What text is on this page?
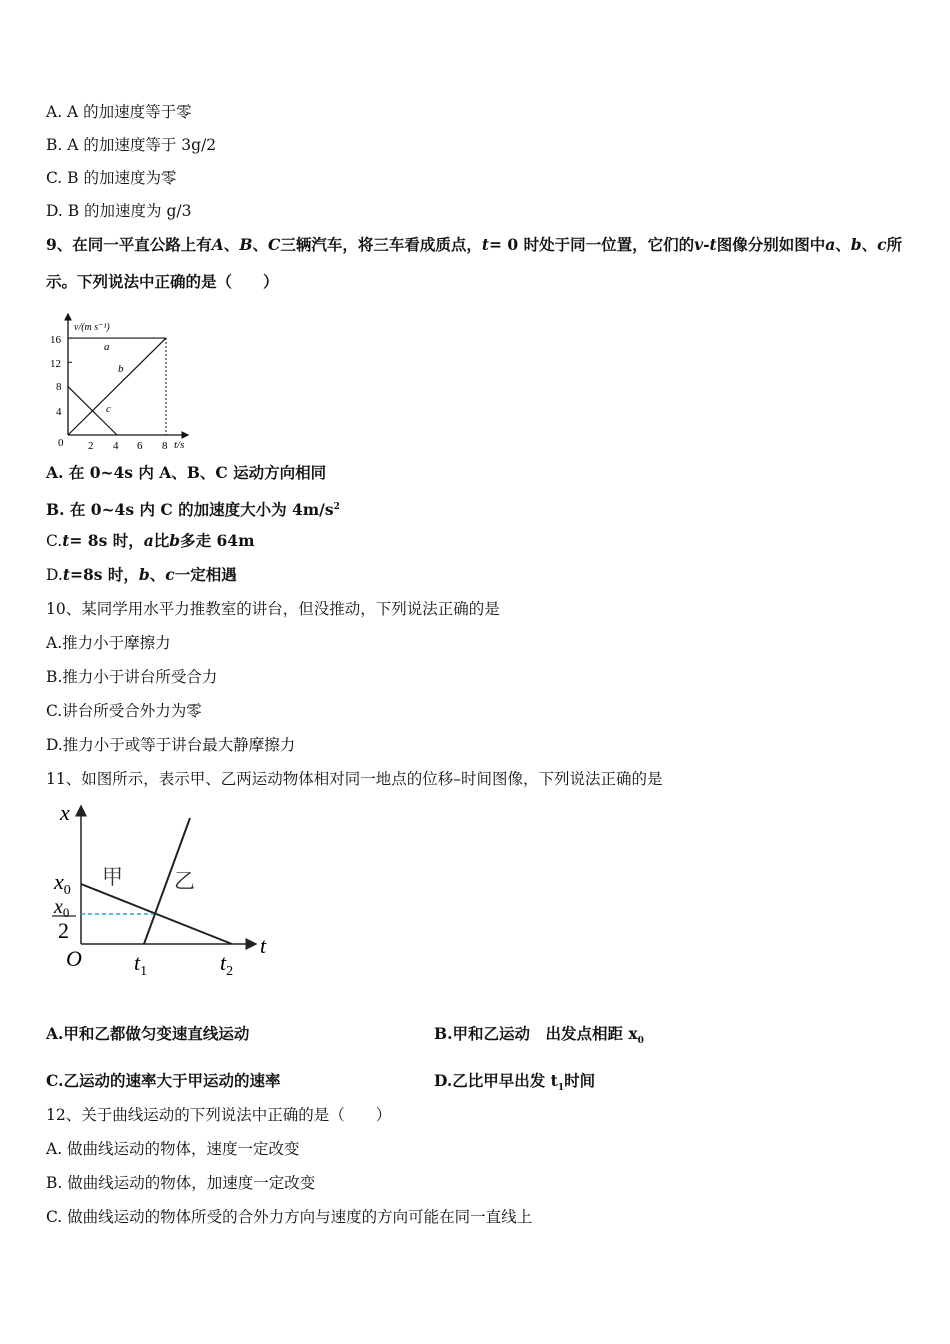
A. A 的加速度等于零
B. A 的加速度等于 3g/2
C. B 的加速度为零
D. B 的加速度为 g/3
9、在同一平直公路上有A、B、C三辆汽车，将三车看成质点，t= 0 时处于同一位置，它们的v-t图像分别如图中a、b、c所
示。下列说法中正确的是（　　）
v/(m s⁻¹)
0	t/s
a
b
c
16
12
8
4
2 4 6 8
A. 在 0~4s 内 A、B、C 运动方向相同
B. 在 0~4s 内 C 的加速度大小为 $4m/s^2$
C.t= 8s 时，a比b多走 64m
D.t=8s 时，b、c一定相遇
10、某同学用水平力推教室的讲台，但没推动，下列说法正确的是
A.推力小于摩擦力
B.推力小于讲台所受合力
C.讲台所受合外力为零
D.推力小于或等于讲台最大静摩擦力
11、如图所示，表示甲、乙两运动物体相对同一地点的位移–时间图像，下列说法正确的是
x
t
O
$x_0$
$x_0$
2
$t_1$	$t_2$
甲 乙
A.甲和乙都做匀变速直线运动	B.甲和乙运动　出发点相距 $x_0$
C.乙运动的速率大于甲运动的速率	D.乙比甲早出发 $t_1$时间
12、关于曲线运动的下列说法中正确的是（　　）
A. 做曲线运动的物体，速度一定改变
B. 做曲线运动的物体，加速度一定改变
C. 做曲线运动的物体所受的合外力方向与速度的方向可能在同一直线上
